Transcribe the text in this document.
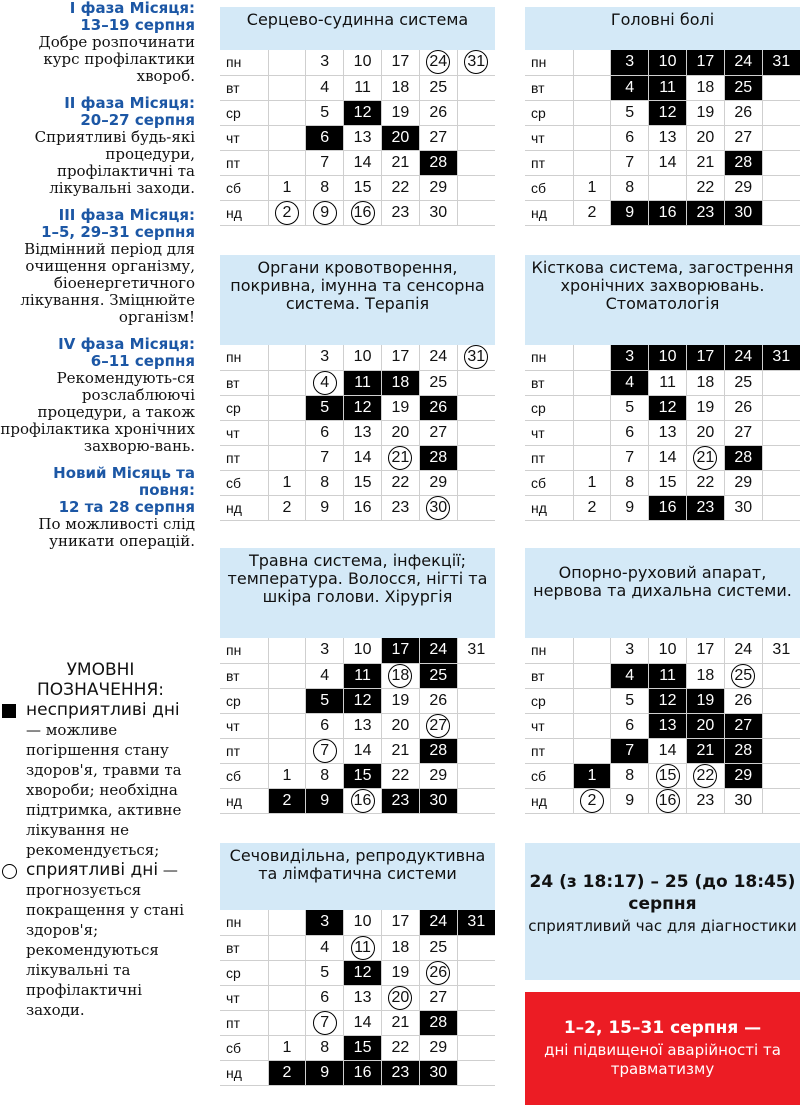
I фаза Місяця:
13–19 серпня
Добре розпочинати курс профілактики хвороб.
II фаза Місяця:
20–27 серпня
Сприятливі будь-які процедури, профілактичні та лікувальні заходи.
III фаза Місяця:
1–5, 29–31 серпня
Відмінний період для очищення організму, біоенергетичного лікування. Зміцнюйте організм!
IV фаза Місяця:
6–11 серпня
Рекомендують-ся розслаблюючі процедури, а також профілактика хронічних захворю-вань.
Новий Місяць та повня:
12 та 28 серпня
По можливості слід уникати операцій.
УМОВНІ ПОЗНАЧЕННЯ:
несприятливі дні — можливе погіршення стану здоров'я, травми та хвороби; необхідна підтримка, активне лікування не рекомендується;
сприятливі дні — прогнозується покращення у стані здоров'я; рекомендуються лікувальні та профілактичні заходи.
Серцево-судинна система
пн		3	10	17	24	31
вт		4	11	18	25	
ср		5	12	19	26	
чт		6	13	20	27	
пт		7	14	21	28	
сб	1	8	15	22	29	
нд	2	9	16	23	30	
Головні болі
пн		3	10	17	24	31
вт		4	11	18	25	
ср		5	12	19	26	
чт		6	13	20	27	
пт		7	14	21	28	
сб	1	8		22	29	
нд	2	9	16	23	30	
Органи кровотворення, покривна, імунна та сенсорна система. Терапія
пн		3	10	17	24	31
вт		4	11	18	25	
ср		5	12	19	26	
чт		6	13	20	27	
пт		7	14	21	28	
сб	1	8	15	22	29	
нд	2	9	16	23	30	
Кісткова система, загострення хронічних захворювань. Стоматологія
пн		3	10	17	24	31
вт		4	11	18	25	
ср		5	12	19	26	
чт		6	13	20	27	
пт		7	14	21	28	
сб	1	8	15	22	29	
нд	2	9	16	23	30	
Травна система, інфекції; температура. Волосся, нігті та шкіра голови. Хірургія
пн		3	10	17	24	31
вт		4	11	18	25	
ср		5	12	19	26	
чт		6	13	20	27	
пт		7	14	21	28	
сб	1	8	15	22	29	
нд	2	9	16	23	30	
Опорно-руховий апарат, нервова та дихальна системи.
пн		3	10	17	24	31
вт		4	11	18	25	
ср		5	12	19	26	
чт		6	13	20	27	
пт		7	14	21	28	
сб	1	8	15	22	29	
нд	2	9	16	23	30	
Сечовидільна, репродуктивна та лімфатична системи
пн		3	10	17	24	31
вт		4	11	18	25	
ср		5	12	19	26	
чт		6	13	20	27	
пт		7	14	21	28	
сб	1	8	15	22	29	
нд	2	9	16	23	30	
24 (з 18:17) – 25 (до 18:45) серпня
сприятливий час для діагностики
1–2, 15–31 серпня —
дні підвищеної аварійності та травматизму
